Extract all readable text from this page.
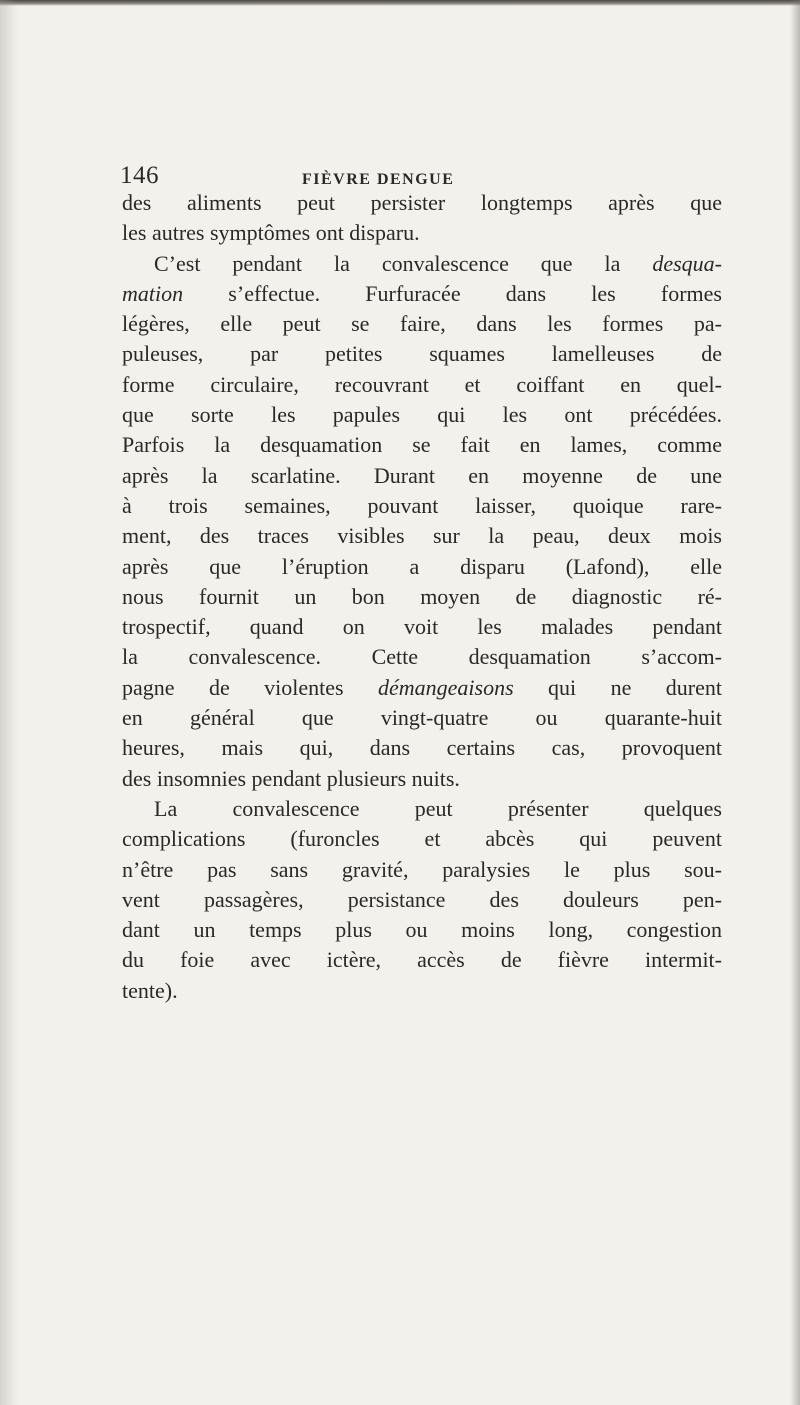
146	FIÈVRE DENGUE
des aliments peut persister longtemps après que
les autres symptômes ont disparu.
C’est pendant la convalescence que la desqua-
mation s’effectue. Furfuracée dans les formes
légères, elle peut se faire, dans les formes pa-
puleuses, par petites squames lamelleuses de
forme circulaire, recouvrant et coiffant en quel-
que sorte les papules qui les ont précédées.
Parfois la desquamation se fait en lames, comme
après la scarlatine. Durant en moyenne de une
à trois semaines, pouvant laisser, quoique rare-
ment, des traces visibles sur la peau, deux mois
après que l’éruption a disparu (Lafond), elle
nous fournit un bon moyen de diagnostic ré-
trospectif, quand on voit les malades pendant
la convalescence. Cette desquamation s’accom-
pagne de violentes démangeaisons qui ne durent
en général que vingt-quatre ou quarante-huit
heures, mais qui, dans certains cas, provoquent
des insomnies pendant plusieurs nuits.
La convalescence peut présenter quelques
complications (furoncles et abcès qui peuvent
n’être pas sans gravité, paralysies le plus sou-
vent passagères, persistance des douleurs pen-
dant un temps plus ou moins long, congestion
du foie avec ictère, accès de fièvre intermit-
tente).
